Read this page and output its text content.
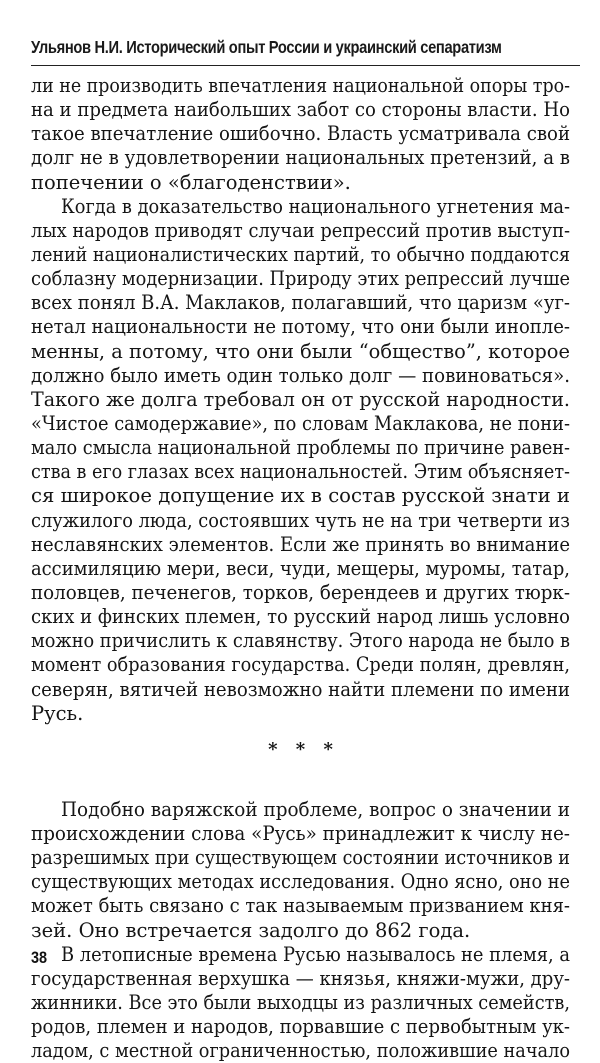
Ульянов Н.И. Исторический опыт России и украинский сепаратизм
ли не производить впечатления национальной опоры тро-
на и предмета наибольших забот со стороны власти. Но
такое впечатление ошибочно. Власть усматривала свой
долг не в удовлетворении национальных претензий, а в
попечении о «благоденствии».
Когда в доказательство национального угнетения ма-
лых народов приводят случаи репрессий против выступ-
лений националистических партий, то обычно поддаются
соблазну модернизации. Природу этих репрессий лучше
всех понял В.А. Маклаков, полагавший, что царизм «уг-
нетал национальности не потому, что они были инопле-
менны, а потому, что они были “общество”, которое
должно было иметь один только долг — повиноваться».
Такого же долга требовал он от русской народности.
«Чистое самодержавие», по словам Маклакова, не пони-
мало смысла национальной проблемы по причине равен-
ства в его глазах всех национальностей. Этим объясняет-
ся широкое допущение их в состав русской знати и
служилого люда, состоявших чуть не на три четверти из
неславянских элементов. Если же принять во внимание
ассимиляцию мери, веси, чуди, мещеры, муромы, татар,
половцев, печенегов, торков, берендеев и других тюрк-
ских и финских племен, то русский народ лишь условно
можно причислить к славянству. Этого народа не было в
момент образования государства. Среди полян, древлян,
северян, вятичей невозможно найти племени по имени
Русь.
* * *
Подобно варяжской проблеме, вопрос о значении и
происхождении слова «Русь» принадлежит к числу не-
разрешимых при существующем состоянии источников и
существующих методах исследования. Одно ясно, оно не
может быть связано с так называемым призванием кня-
зей. Оно встречается задолго до 862 года.
В летописные времена Русью называлось не племя, а
государственная верхушка — князья, княжи-мужи, дру-
жинники. Все это были выходцы из различных семейств,
родов, племен и народов, порвавшие с первобытным ук-
ладом, с местной ограниченностью, положившие начало
38
